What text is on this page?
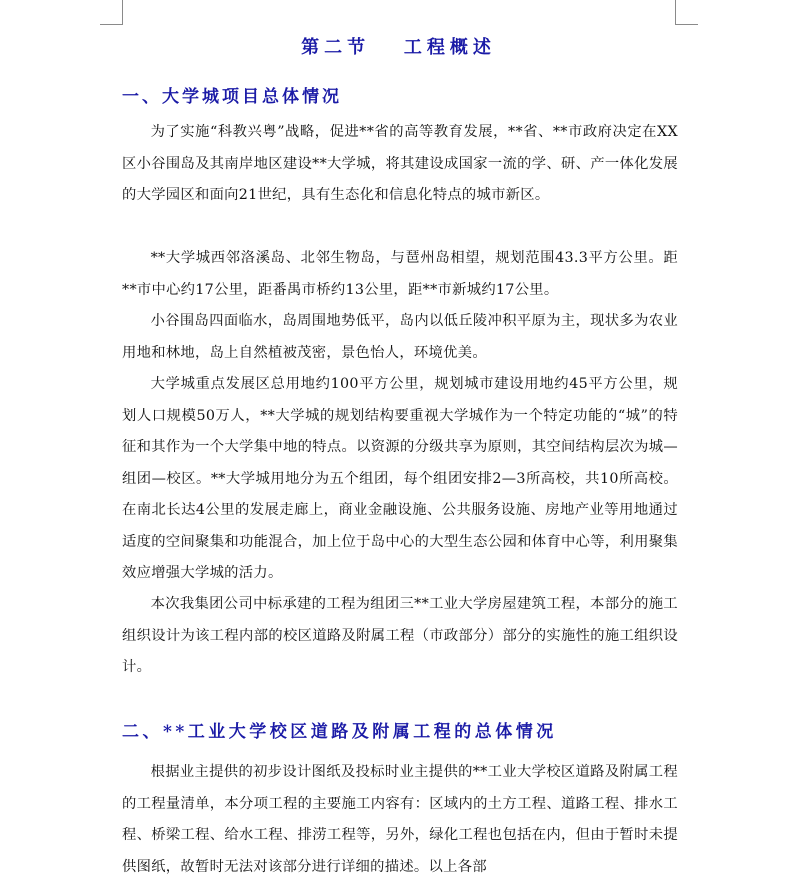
第二节   工程概述
一、大学城项目总体情况

为了实施“科教兴粤”战略，促进**省的高等教育发展，**省、**市政府决定在XX区小谷围岛及其南岸地区建设**大学城，将其建设成国家一流的学、研、产一体化发展的大学园区和面向21世纪，具有生态化和信息化特点的城市新区。

**大学城西邻洛溪岛、北邻生物岛，与琶州岛相望，规划范围43.3平方公里。距**市中心约17公里，距番禺市桥约13公里，距**市新城约17公里。

小谷围岛四面临水，岛周围地势低平，岛内以低丘陵冲积平原为主，现状多为农业用地和林地，岛上自然植被茂密，景色怡人，环境优美。

大学城重点发展区总用地约100平方公里，规划城市建设用地约45平方公里，规划人口规模50万人，**大学城的规划结构要重视大学城作为一个特定功能的“城”的特征和其作为一个大学集中地的特点。以资源的分级共享为原则，其空间结构层次为城—组团—校区。**大学城用地分为五个组团，每个组团安排2—3所高校，共10所高校。在南北长达4公里的发展走廊上，商业金融设施、公共服务设施、房地产业等用地通过适度的空间聚集和功能混合，加上位于岛中心的大型生态公园和体育中心等，利用聚集效应增强大学城的活力。

本次我集团公司中标承建的工程为组团三**工业大学房屋建筑工程，本部分的施工组织设计为该工程内部的校区道路及附属工程（市政部分）部分的实施性的施工组织设计。

二、**工业大学校区道路及附属工程的总体情况

根据业主提供的初步设计图纸及投标时业主提供的**工业大学校区道路及附属工程的工程量清单，本分项工程的主要施工内容有：区域内的土方工程、道路工程、排水工程、桥梁工程、给水工程、排涝工程等，另外，绿化工程也包括在内，但由于暂时未提供图纸，故暂时无法对该部分进行详细的描述。以上各部
